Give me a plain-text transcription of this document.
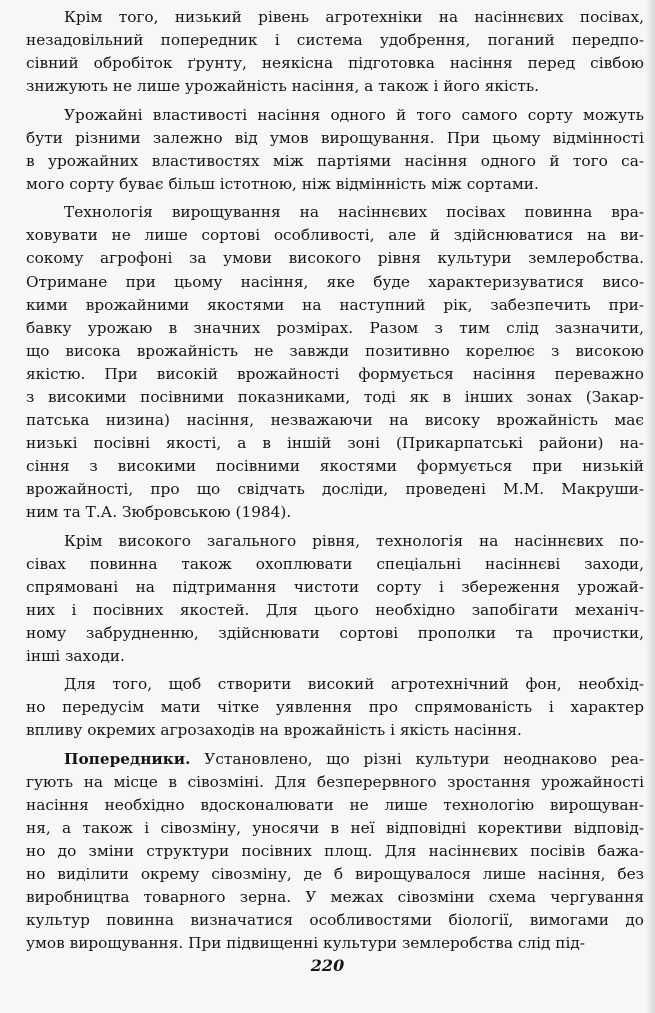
Крім того, низький рівень агротехніки на насіннєвих посівах,
незадовільний попередник і система удобрення, поганий передпо-
сівний обробіток ґрунту, неякісна підготовка насіння перед сівбою
знижують не лише урожайність насіння, а також і його якість.
Урожайні властивості насіння одного й того самого сорту можуть
бути різними залежно від умов вирощування. При цьому відмінності
в урожайних властивостях між партіями насіння одного й того са-
мого сорту буває більш істотною, ніж відмінність між сортами.
Технологія вирощування на насіннєвих посівах повинна вра-
ховувати не лише сортові особливості, але й здійснюватися на ви-
сокому агрофоні за умови високого рівня культури землеробства.
Отримане при цьому насіння, яке буде характеризуватися висо-
кими врожайними якостями на наступний рік, забезпечить при-
бавку урожаю в значних розмірах. Разом з тим слід зазначити,
що висока врожайність не завжди позитивно корелює з високою
якістю. При високій врожайності формується насіння переважно
з високими посівними показниками, тоді як в інших зонах (Закар-
патська низина) насіння, незважаючи на високу врожайність має
низькі посівні якості, а в іншій зоні (Прикарпатські райони) на-
сіння з високими посівними якостями формується при низькій
врожайності, про що свідчать досліди, проведені М.М. Макруши-
ним та Т.А. Зюбровською (1984).
Крім високого загального рівня, технологія на насіннєвих по-
сівах повинна також охоплювати спеціальні насіннєві заходи,
спрямовані на підтримання чистоти сорту і збереження урожай-
них і посівних якостей. Для цього необхідно запобігати механіч-
ному забрудненню, здійснювати сортові прополки та прочистки,
інші заходи.
Для того, щоб створити високий агротехнічний фон, необхід-
но передусім мати чітке уявлення про спрямованість і характер
впливу окремих агрозаходів на врожайність і якість насіння.
Попередники. Установлено, що різні культури неоднаково реа-
гують на місце в сівозміні. Для безперервного зростання урожайності
насіння необхідно вдосконалювати не лише технологію вирощуван-
ня, а також і сівозміну, уносячи в неї відповідні корективи відповід-
но до зміни структури посівних площ. Для насіннєвих посівів бажа-
но виділити окрему сівозміну, де б вирощувалося лише насіння, без
виробництва товарного зерна. У межах сівозміни схема чергування
культур повинна визначатися особливостями біології, вимогами до
умов вирощування. При підвищенні культури землеробства слід під-
220
